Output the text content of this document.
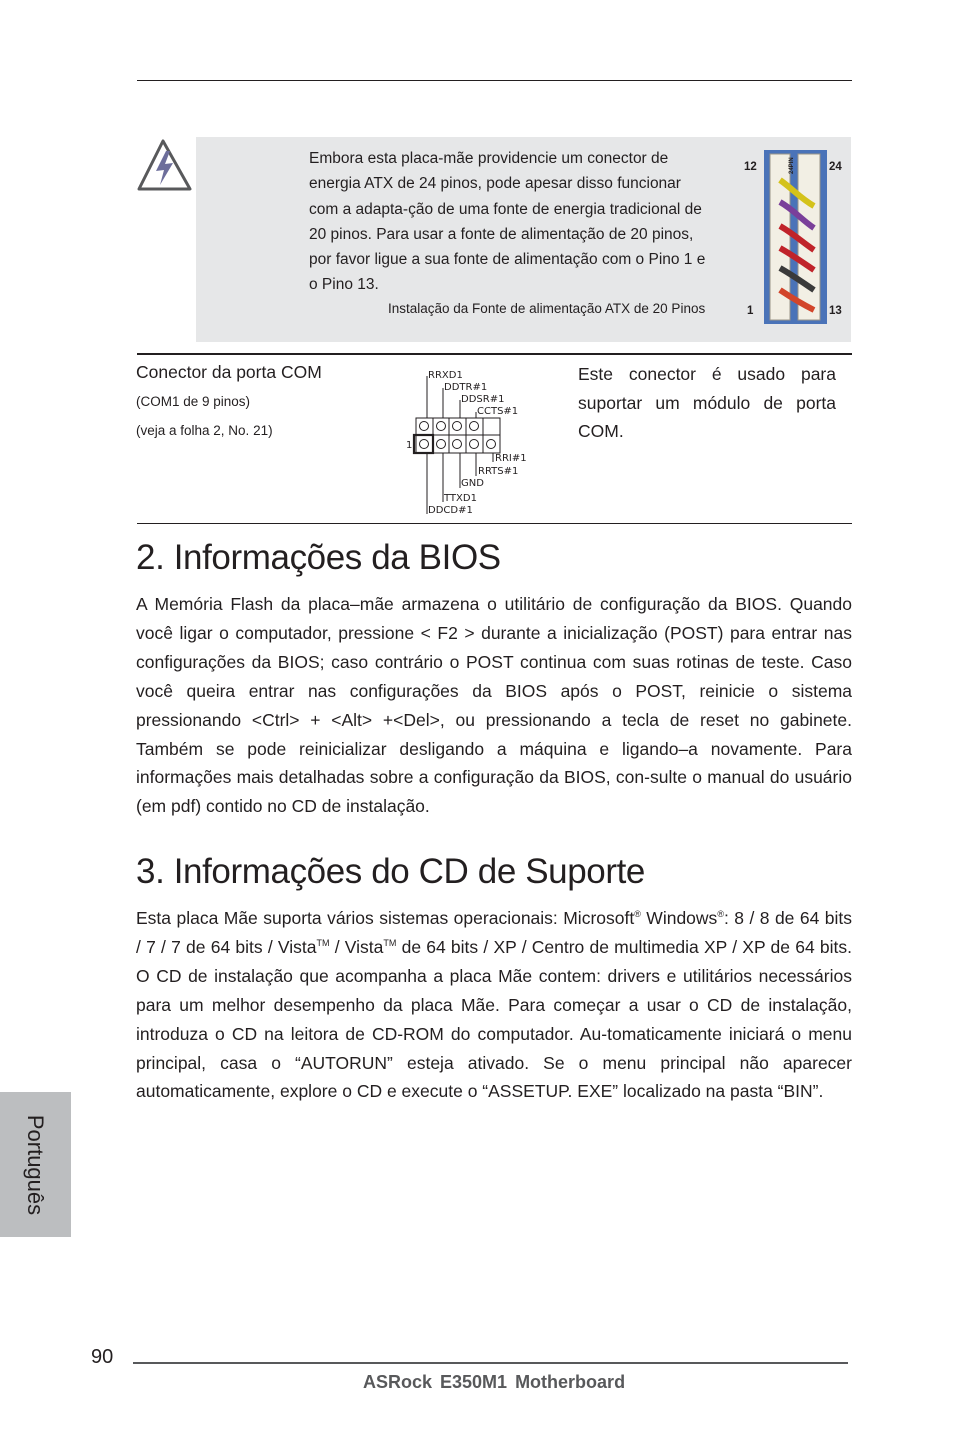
Embora esta placa-mãe providencie um conector de
energia ATX de 24 pinos, pode apesar disso funcionar
com a adapta-ção de uma fonte de energia tradicional de
20 pinos. Para usar a fonte de alimentação de 20 pinos,
por favor ligue a sua fonte de alimentação com o Pino 1 e
o Pino 13.
Instalação da Fonte de alimentação ATX de 20 Pinos
12	24
1	13
24PIN
Conector da porta COM
(COM1 de 9 pinos)
(veja a folha 2, No. 21)
Este conector é usado para suportar um módulo de porta COM.
1
RRXD1
DDTR#1
DDSR#1
CCTS#1
RRI#1
RRTS#1
GND
TTXD1
DDCD#1
2. Informações da BIOS
A Memória Flash da placa–mãe armazena o utilitário de configuração da BIOS. Quando você ligar o computador, pressione < F2 > durante a inicialização (POST) para entrar nas configurações da BIOS; caso contrário o POST continua com suas rotinas de teste. Caso você queira entrar nas configurações da BIOS após o POST, reinicie o sistema pressionando <Ctrl> + <Alt> +<Del>, ou pressionando a tecla de reset no gabinete. Também se pode reinicializar desligando a máquina e ligando–a novamente. Para informações mais detalhadas sobre a configuração da BIOS, con-sulte o manual do usuário (em pdf) contido no CD de instalação.
3. Informações do CD de Suporte
Esta placa Mãe suporta vários sistemas operacionais: Microsoft® Windows®: 8 / 8 de 64 bits / 7 / 7 de 64 bits / Vista™ / Vista™ de 64 bits / XP / Centro de multimedia XP / XP de 64 bits. O CD de instalação que acompanha a placa Mãe contem: drivers e utilitários necessários para um melhor desempenho da placa Mãe. Para começar a usar o CD de instalação, introduza o CD na leitora de CD-ROM do computador. Au-tomaticamente iniciará o menu principal, casa o “AUTORUN” esteja ativado. Se o menu principal não aparecer automaticamente, explore o CD e execute o “ASSETUP. EXE” localizado na pasta “BIN”.
Português
90
ASRock E350M1 Motherboard
